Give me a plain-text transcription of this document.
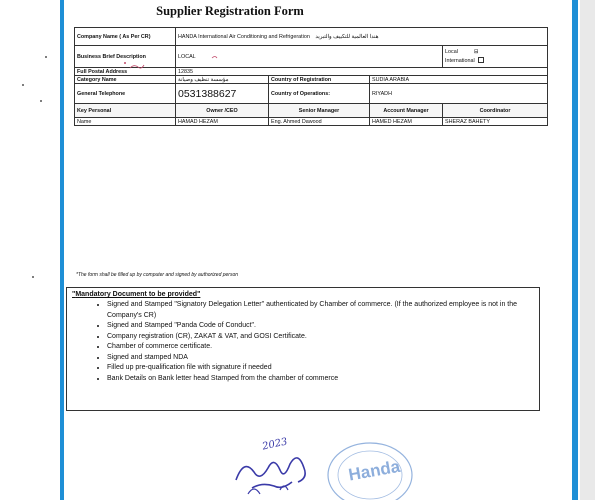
Supplier Registration Form
Company Name ( As Per CR)	HANDA International Air Conditioning and Refrigeration هندا العالمية للتكييف والتبريد			
Business Brief Description	LOCAL			Local ⊟
International

Full Postal Address	12835			
Category Name	مؤسسة تنظيف وصيانة	Country of Registration	SUDIA ARABIA	
General Telephone	0531388627	Country of Operations:	RIYADH	
Key Personal	Owner /CEO	Senior Manager	Account Manager	Coordinator
Name	HAMAD HEZAM	Eng. Ahmed Dawood	HAMED HEZAM	SHERAZ BAHETY
*The form shall be filled up by computer and signed by authorized person
"Mandatory Document to be provided"
• Signed and Stamped "Signatory Delegation Letter" authenticated by Chamber of commerce. (If the authorized employee is not in the Company's CR)
• Signed and Stamped "Panda Code of Conduct".
• Company registration (CR), ZAKAT & VAT, and GOSI Certificate.
• Chamber of commerce certificate.
• Signed and stamped NDA
• Filled up pre-qualification file with signature if needed
• Bank Details on Bank letter head Stamped from the chamber of commerce
2023
Handa
